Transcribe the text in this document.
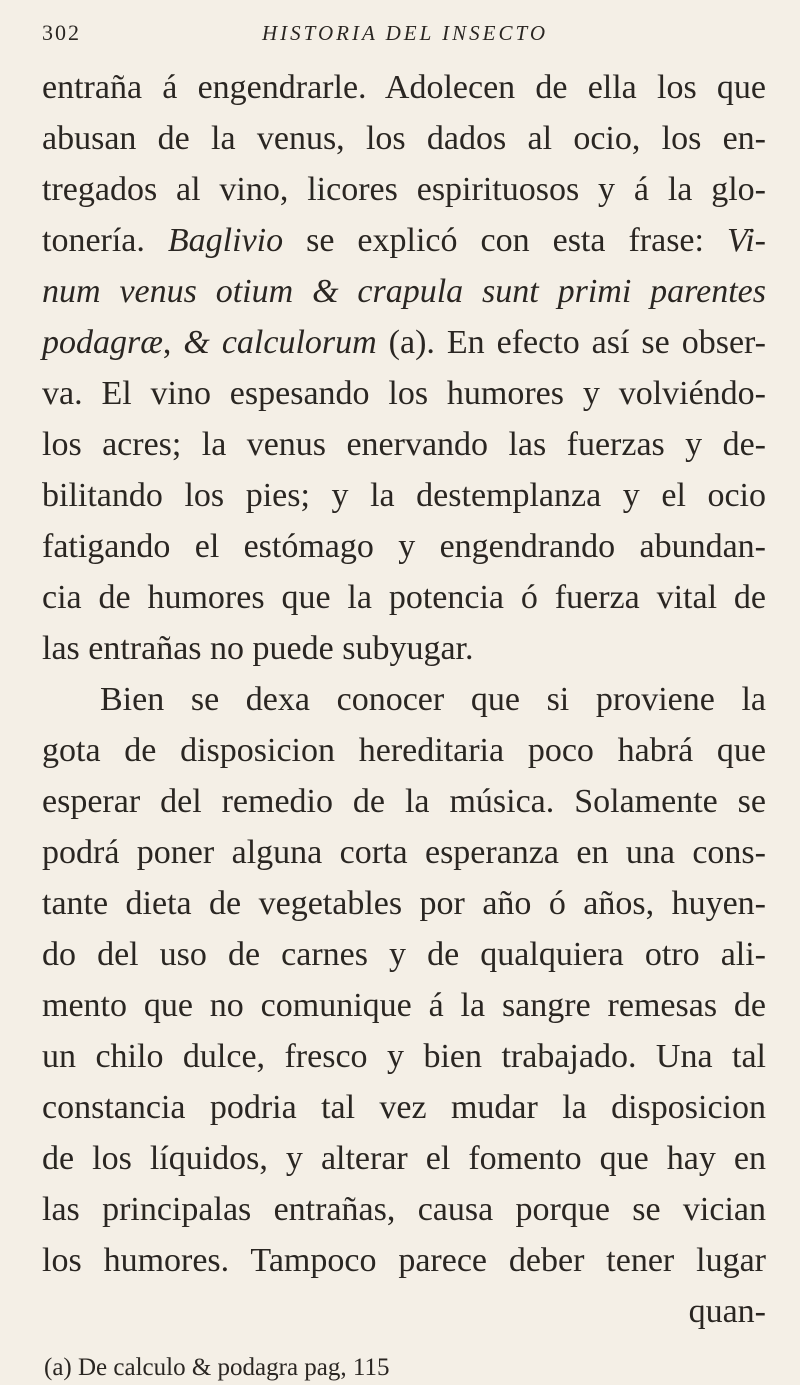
302	HISTORIA DEL INSECTO
entraña á engendrarle. Adolecen de ella los que
abusan de la venus, los dados al ocio, los en-
tregados al vino, licores espirituosos y á la glo-
tonería. Baglivio se explicó con esta frase: Vi-
num venus otium & crapula sunt primi parentes
podagræ, & calculorum (a). En efecto así se obser-
va. El vino espesando los humores y volviéndo-
los acres; la venus enervando las fuerzas y de-
bilitando los pies; y la destemplanza y el ocio
fatigando el estómago y engendrando abundan-
cia de humores que la potencia ó fuerza vital de
las entrañas no puede subyugar.
Bien se dexa conocer que si proviene la
gota de disposicion hereditaria poco habrá que
esperar del remedio de la música. Solamente se
podrá poner alguna corta esperanza en una cons-
tante dieta de vegetables por año ó años, huyen-
do del uso de carnes y de qualquiera otro ali-
mento que no comunique á la sangre remesas de
un chilo dulce, fresco y bien trabajado. Una tal
constancia podria tal vez mudar la disposicion
de los líquidos, y alterar el fomento que hay en
las principalas entrañas, causa porque se vician
los humores. Tampoco parece deber tener lugar
quan-
(a) De calculo & podagra pag, 115
